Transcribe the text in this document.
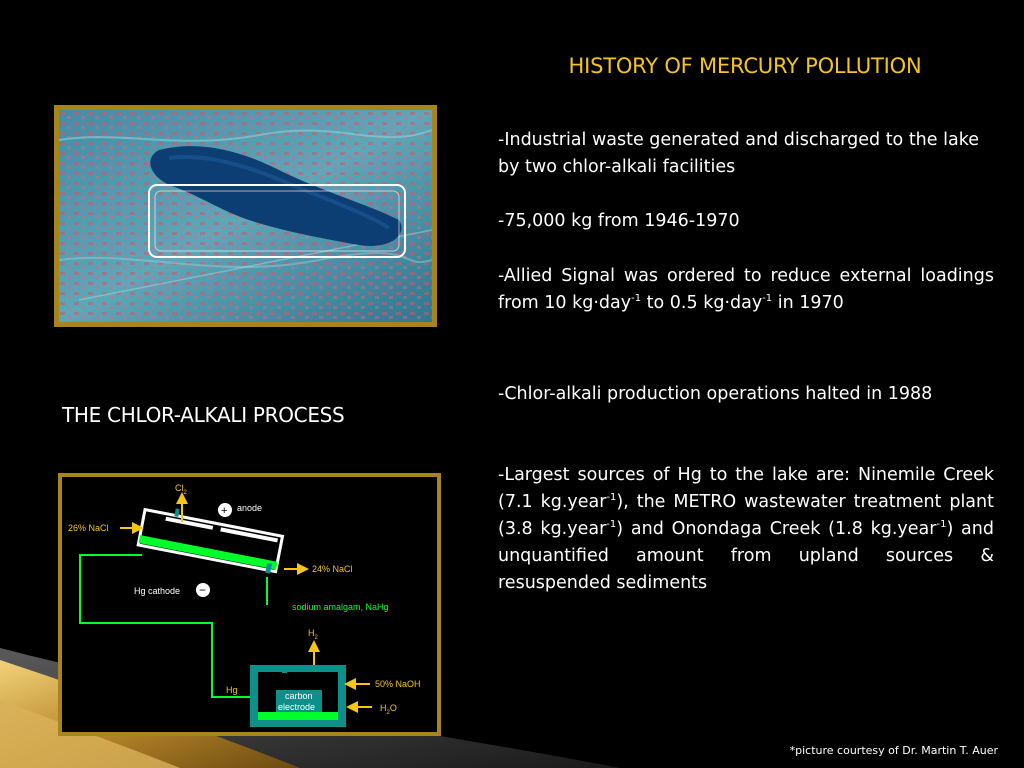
HISTORY OF MERCURY POLLUTION
-Industrial waste generated and discharged to the lake by two chlor-alkali facilities
-75,000 kg from 1946-1970
-Allied Signal was ordered to reduce external loadings from 10 kg·day$^{-1}$ to 0.5 kg·day$^{-1}$ in 1970
-Chlor-alkali production operations halted in 1988
-Largest sources of Hg to the lake are: Ninemile Creek (7.1 kg.year$^{-1}$), the METRO wastewater treatment plant (3.8 kg.year$^{-1}$) and Onondaga Creek (1.8 kg.year$^{-1}$) and unquantified amount from upland sources & resuspended sediments
THE CHLOR-ALKALI PROCESS
$Cl_2$
+ anode
26% NaCl
24% NaCl
Hg cathode −
sodium amalgam, NaHg
$H_2$
carbon
electrode
Hg
50% NaOH
$H_2O$
*picture courtesy of Dr. Martin T. Auer
